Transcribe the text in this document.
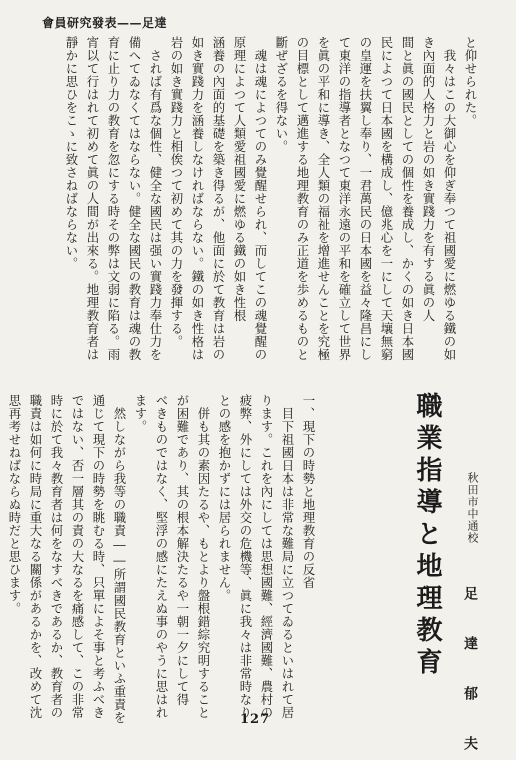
會員研究發表——足達
と仰せられた。
　我々はこの大御心を仰ぎ奉つて祖國愛に燃ゆる鐵の如
き內面的人格力と岩の如き實踐力を有する眞の人
間と眞の國民としての個性を養成し、かくの如き日本國
民によつて日本國を構成し、億兆心を一にして天壤無窮
の皇運を扶翼し奉り、一君萬民の日本國を益々隆昌にし
て東洋の指導者となつて東洋永遠の平和を確立して世界
を眞の平和に導き、全人類の福祉を增進せんことを究極
の目標として邁進する地理教育のみ正道を歩めるものと
斷ぜざるを得ない。
　魂は魂によつてのみ覺醒せられ、而してこの魂覺醒の
原理によつて人類愛祖國愛に燃ゆる鐵の如き性根
涵養の內面的基礎を築き得るが、他面に於て教育は岩の
如き實踐力を涵養しなければならない。鐵の如き性格は
岩の如き實踐力と相俟つて初めて其の力を發揮する。
　されば有爲な個性、健全な國民は强い實踐力奉仕力を
備へてゐなくてはならない。健全な國民の教育は魂の教
育に止り力の教育を忽にする時その弊は文弱に陷る。雨
宵以て行はれて初めて眞の人間が出來る。地理教育者は
靜かに思ひをこゝに致さねばならない。
職業指導と地理教育	秋田市中通校
足 達 郁 夫
一、現下の時勢と地理教育の反省
　目下祖國日本は非常な難局に立つてゐるといはれて居
ります。これを內にしては思想國難、經濟國難、農村の
疲弊、外にしては外交の危機等、眞に我々は非常時なり
との感を抱かずには居られません。
　併も其の素因たるや、もとより盤根錯綜究明すること
が困難であり、其の根本解決たるや一朝一夕にして得
べきものではなく、堅浮の感にたえぬ事のやうに思はれ
ます。
　然しながら我等の職責――所謂國民教育といふ重責を
通じて現下の時勢を眺むる時、只單によそ事と考ふべき
ではない、否一層其の責の大なるを痛感して、この非常
時に於て我々教育者は何をなすべきであるか、教育者の
職責は如何に時局に重大なる關係があるかを、改めて沈
思再考せねばならぬ時だと思ひます。
127
